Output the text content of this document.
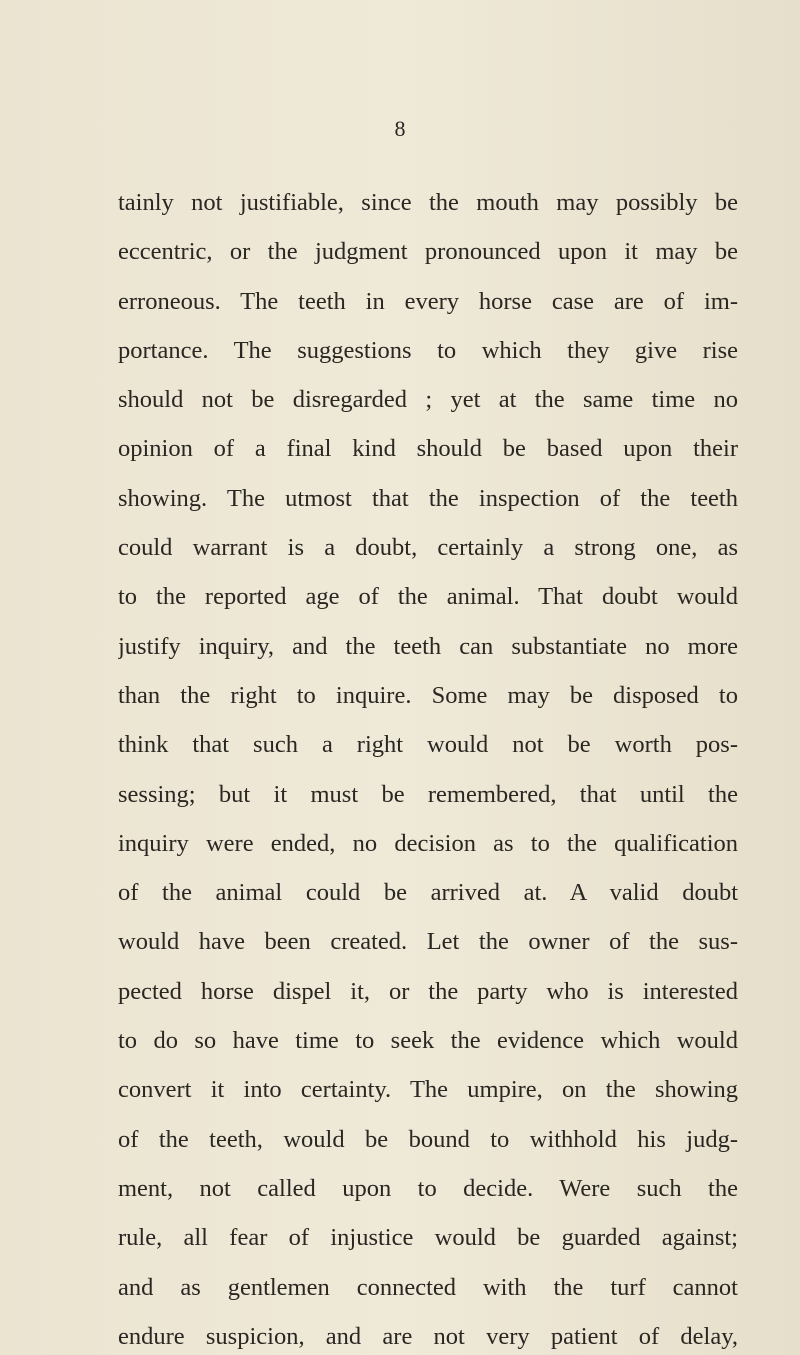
8
tainly not justifiable, since the mouth may possibly be
eccentric, or the judgment pronounced upon it may be
erroneous. The teeth in every horse case are of im-
portance. The suggestions to which they give rise
should not be disregarded ; yet at the same time no
opinion of a final kind should be based upon their
showing. The utmost that the inspection of the teeth
could warrant is a doubt, certainly a strong one, as
to the reported age of the animal. That doubt would
justify inquiry, and the teeth can substantiate no more
than the right to inquire. Some may be disposed to
think that such a right would not be worth pos-
sessing; but it must be remembered, that until the
inquiry were ended, no decision as to the qualification
of the animal could be arrived at. A valid doubt
would have been created. Let the owner of the sus-
pected horse dispel it, or the party who is interested
to do so have time to seek the evidence which would
convert it into certainty. The umpire, on the showing
of the teeth, would be bound to withhold his judg-
ment, not called upon to decide. Were such the
rule, all fear of injustice would be guarded against;
and as gentlemen connected with the turf cannot
endure suspicion, and are not very patient of delay,
